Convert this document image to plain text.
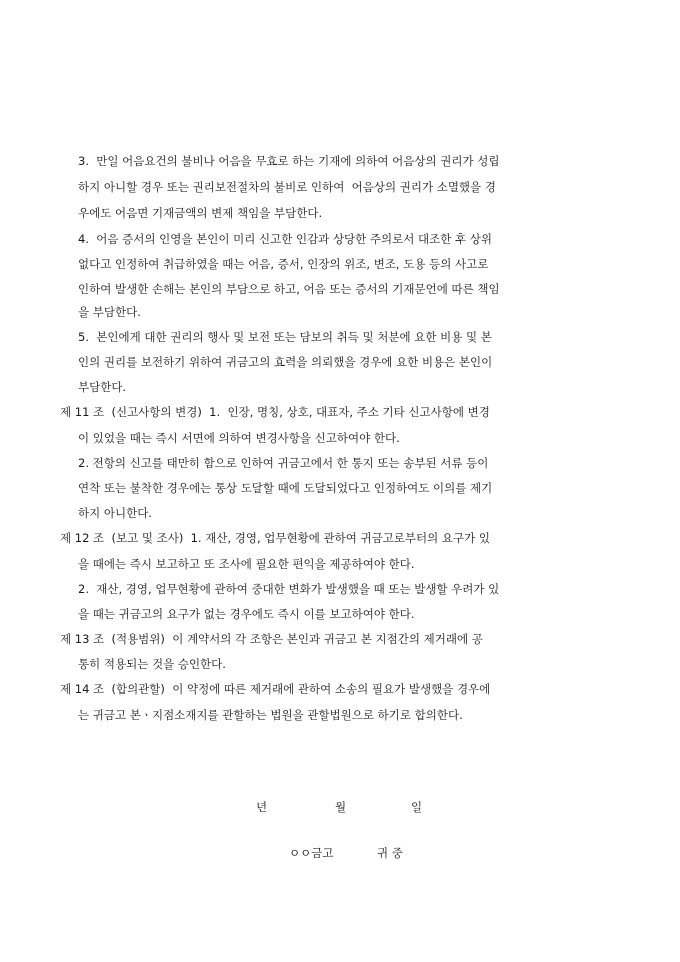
3.  만일 어음요건의 불비나 어음을 무효로 하는 기재에 의하여 어음상의 권리가 성립

하지 아니할 경우 또는 권리보전절차의 불비로 인하여  어음상의 권리가 소멸했을 경

우에도 어음면 기재금액의 변제 책임을 부담한다.

4.  어음 증서의 인영을 본인이 미리 신고한 인감과 상당한 주의로서 대조한 후 상위

없다고 인정하여 취급하였을 때는 어음, 증서, 인장의 위조, 변조, 도용 등의 사고로

인하여 발생한 손해는 본인의 부담으로 하고, 어음 또는 증서의 기재문언에 따른 책임

을 부담한다.

5.  본인에게 대한 권리의 행사 및 보전 또는 담보의 취득 및 처분에 요한 비용 및 본

인의 권리를 보전하기 위하여 귀금고의 효력을 의뢰했을 경우에 요한 비용은 본인이

부담한다.

제 11 조  (신고사항의 변경)  1.  인장, 명칭, 상호, 대표자, 주소 기타 신고사항에 변경

이 있었을 때는 즉시 서면에 의하여 변경사항을 신고하여야 한다.

2. 전항의 신고를 태만히 함으로 인하여 귀금고에서 한 통지 또는 송부된 서류 등이

연착 또는 불착한 경우에는 통상 도달할 때에 도달되었다고 인정하여도 이의를 제기

하지 아니한다.

제 12 조  (보고 및 조사)  1. 재산, 경영, 업무현황에 관하여 귀금고로부터의 요구가 있

을 때에는 즉시 보고하고 또 조사에 필요한 편익을 제공하여야 한다.

2.  재산, 경영, 업무현황에 관하여 중대한 변화가 발생했을 때 또는 발생할 우려가 있

을 때는 귀금고의 요구가 없는 경우에도 즉시 이를 보고하여야 한다.

제 13 조  (적용범위)  이 계약서의 각 조항은 본인과 귀금고 본 지점간의 제거래에 공

통히 적용되는 것을 승인한다.

제 14 조  (합의관할)  이 약정에 따른 제거래에 관하여 소송의 필요가 발생했을 경우에

는 귀금고 본ㆍ지점소재지를 관할하는 법원을 관할법원으로 하기로 합의한다.

년	월	일

ㅇㅇ금고	귀 중
